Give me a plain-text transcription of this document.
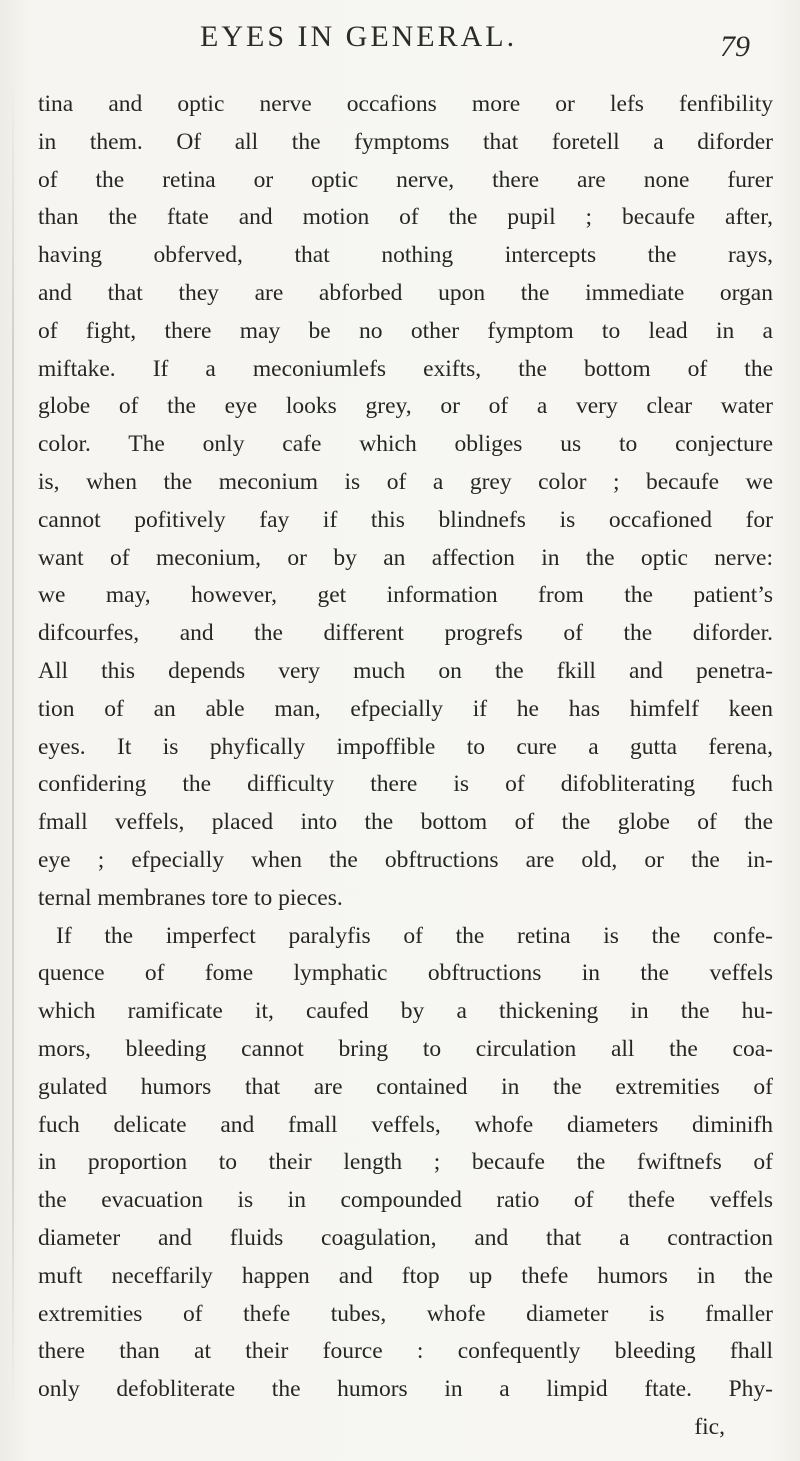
EYES IN GENERAL.	79
tina and optic nerve occafions more or lefs fenfibility
in them. Of all the fymptoms that foretell a diforder
of the retina or optic nerve, there are none furer
than the ftate and motion of the pupil ; becaufe after,
having obferved, that nothing intercepts the rays,
and that they are abforbed upon the immediate organ
of fight, there may be no other fymptom to lead in a
miftake. If a meconiumlefs exifts, the bottom of the
globe of the eye looks grey, or of a very clear water
color. The only cafe which obliges us to conjecture
is, when the meconium is of a grey color ; becaufe we
cannot pofitively fay if this blindnefs is occafioned for
want of meconium, or by an affection in the optic nerve:
we may, however, get information from the patient’s
difcourfes, and the different progrefs of the diforder.
All this depends very much on the fkill and penetra-
tion of an able man, efpecially if he has himfelf keen
eyes. It is phyfically impoffible to cure a gutta ferena,
confidering the difficulty there is of difobliterating fuch
fmall veffels, placed into the bottom of the globe of the
eye ; efpecially when the obftructions are old, or the in-
ternal membranes tore to pieces.
If the imperfect paralyfis of the retina is the confe-
quence of fome lymphatic obftructions in the veffels
which ramificate it, caufed by a thickening in the hu-
mors, bleeding cannot bring to circulation all the coa-
gulated humors that are contained in the extremities of
fuch delicate and fmall veffels, whofe diameters diminifh
in proportion to their length ; becaufe the fwiftnefs of
the evacuation is in compounded ratio of thefe veffels
diameter and fluids coagulation, and that a contraction
muft neceffarily happen and ftop up thefe humors in the
extremities of thefe tubes, whofe diameter is fmaller
there than at their fource : confequently bleeding fhall
only defobliterate the humors in a limpid ftate. Phy-
fic,
